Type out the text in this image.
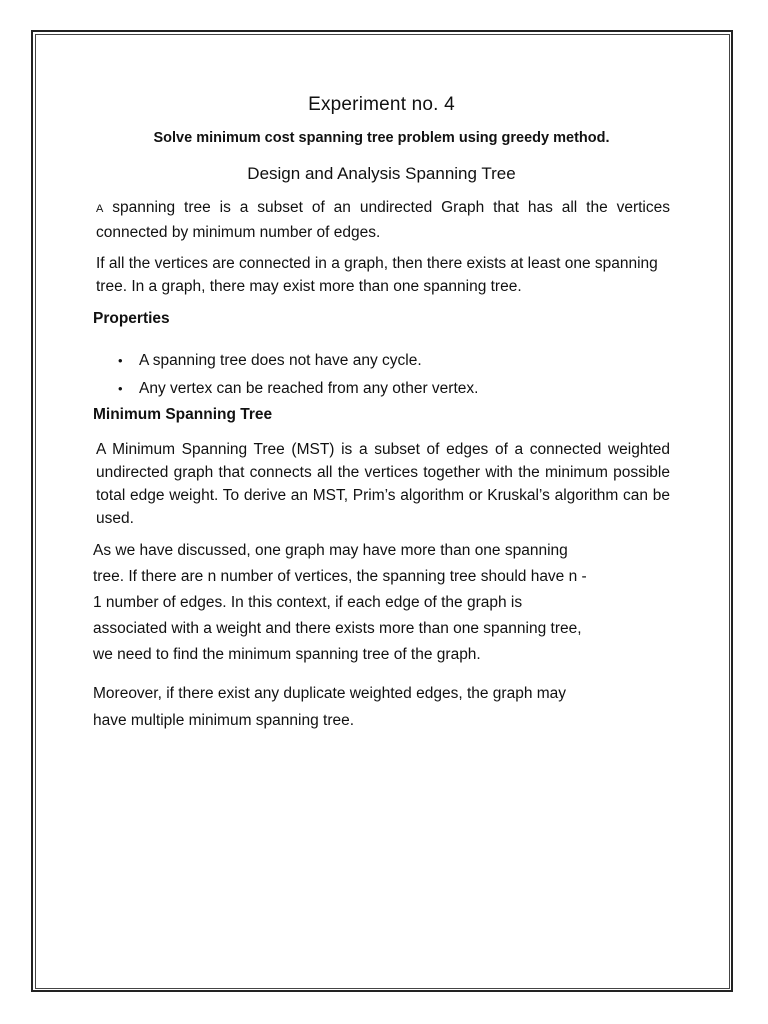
Experiment no. 4
Solve minimum cost spanning tree problem using greedy method.
Design and Analysis Spanning Tree

A spanning tree is a subset of an undirected Graph that has all the vertices connected by minimum number of edges.

If all the vertices are connected in a graph, then there exists at least one spanning tree. In a graph, there may exist more than one spanning tree.

Properties
• A spanning tree does not have any cycle.
• Any vertex can be reached from any other vertex.
Minimum Spanning Tree

A Minimum Spanning Tree (MST) is a subset of edges of a connected weighted undirected graph that connects all the vertices together with the minimum possible total edge weight. To derive an MST, Prim’s algorithm or Kruskal’s algorithm can be used.

As we have discussed, one graph may have more than one spanning

tree. If there are n number of vertices, the spanning tree should have n -

1 number of edges. In this context, if each edge of the graph is

associated with a weight and there exists more than one spanning tree,

we need to find the minimum spanning tree of the graph.

Moreover, if there exist any duplicate weighted edges, the graph may

have multiple minimum spanning tree.
